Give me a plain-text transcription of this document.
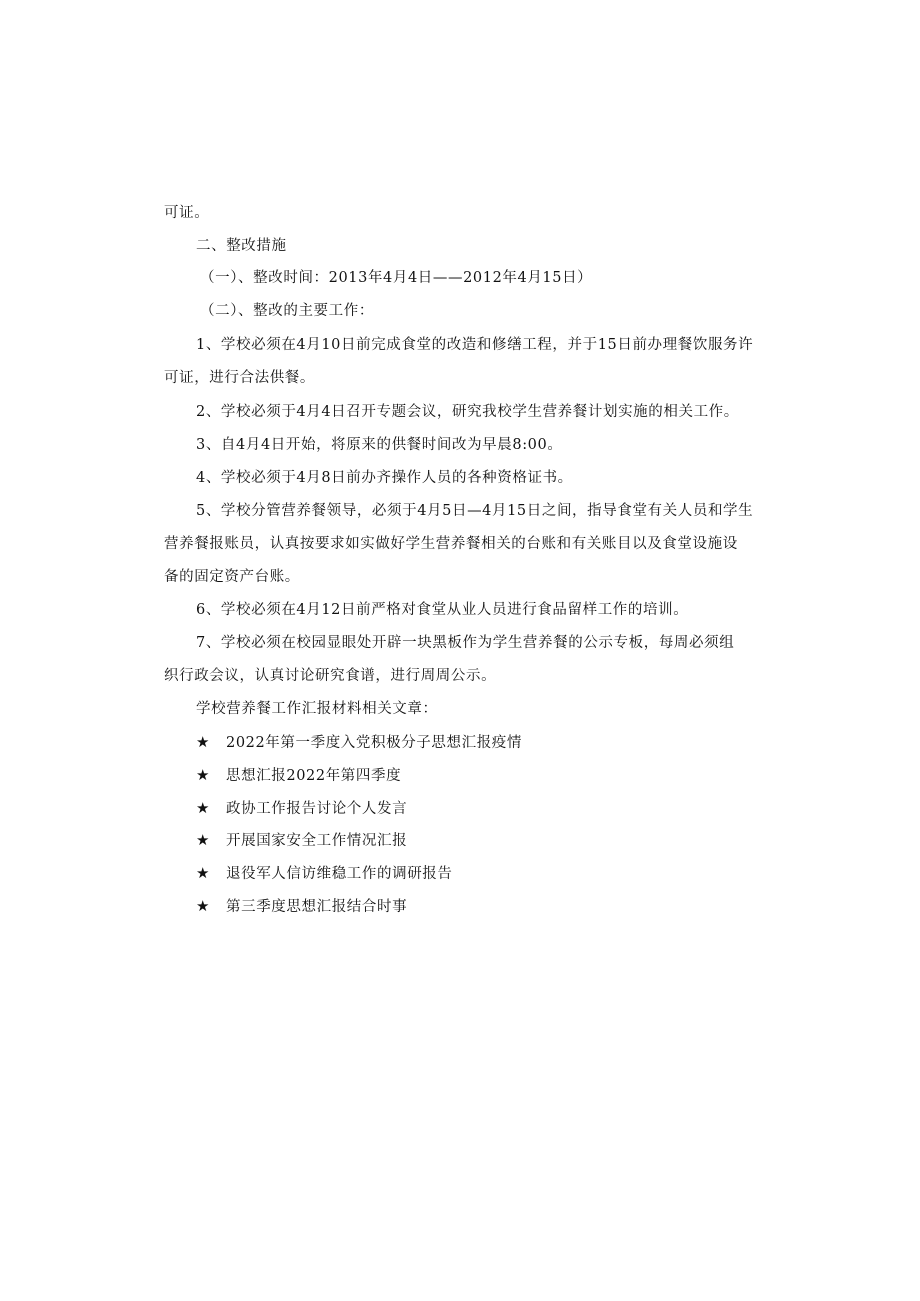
可证。
二、整改措施
（一）、整改时间：2013年4月4日——2012年4月15日）
（二）、整改的主要工作：
1、学校必须在4月10日前完成食堂的改造和修缮工程，并于15日前办理餐饮服务许
可证，进行合法供餐。
2、学校必须于4月4日召开专题会议，研究我校学生营养餐计划实施的相关工作。
3、自4月4日开始，将原来的供餐时间改为早晨8:00。
4、学校必须于4月8日前办齐操作人员的各种资格证书。
5、学校分管营养餐领导，必须于4月5日—4月15日之间，指导食堂有关人员和学生
营养餐报账员，认真按要求如实做好学生营养餐相关的台账和有关账目以及食堂设施设
备的固定资产台账。
6、学校必须在4月12日前严格对食堂从业人员进行食品留样工作的培训。
7、学校必须在校园显眼处开辟一块黑板作为学生营养餐的公示专板，每周必须组
织行政会议，认真讨论研究食谱，进行周周公示。
学校营养餐工作汇报材料相关文章：
★ 2022年第一季度入党积极分子思想汇报疫情
★ 思想汇报2022年第四季度
★ 政协工作报告讨论个人发言
★ 开展国家安全工作情况汇报
★ 退役军人信访维稳工作的调研报告
★ 第三季度思想汇报结合时事
